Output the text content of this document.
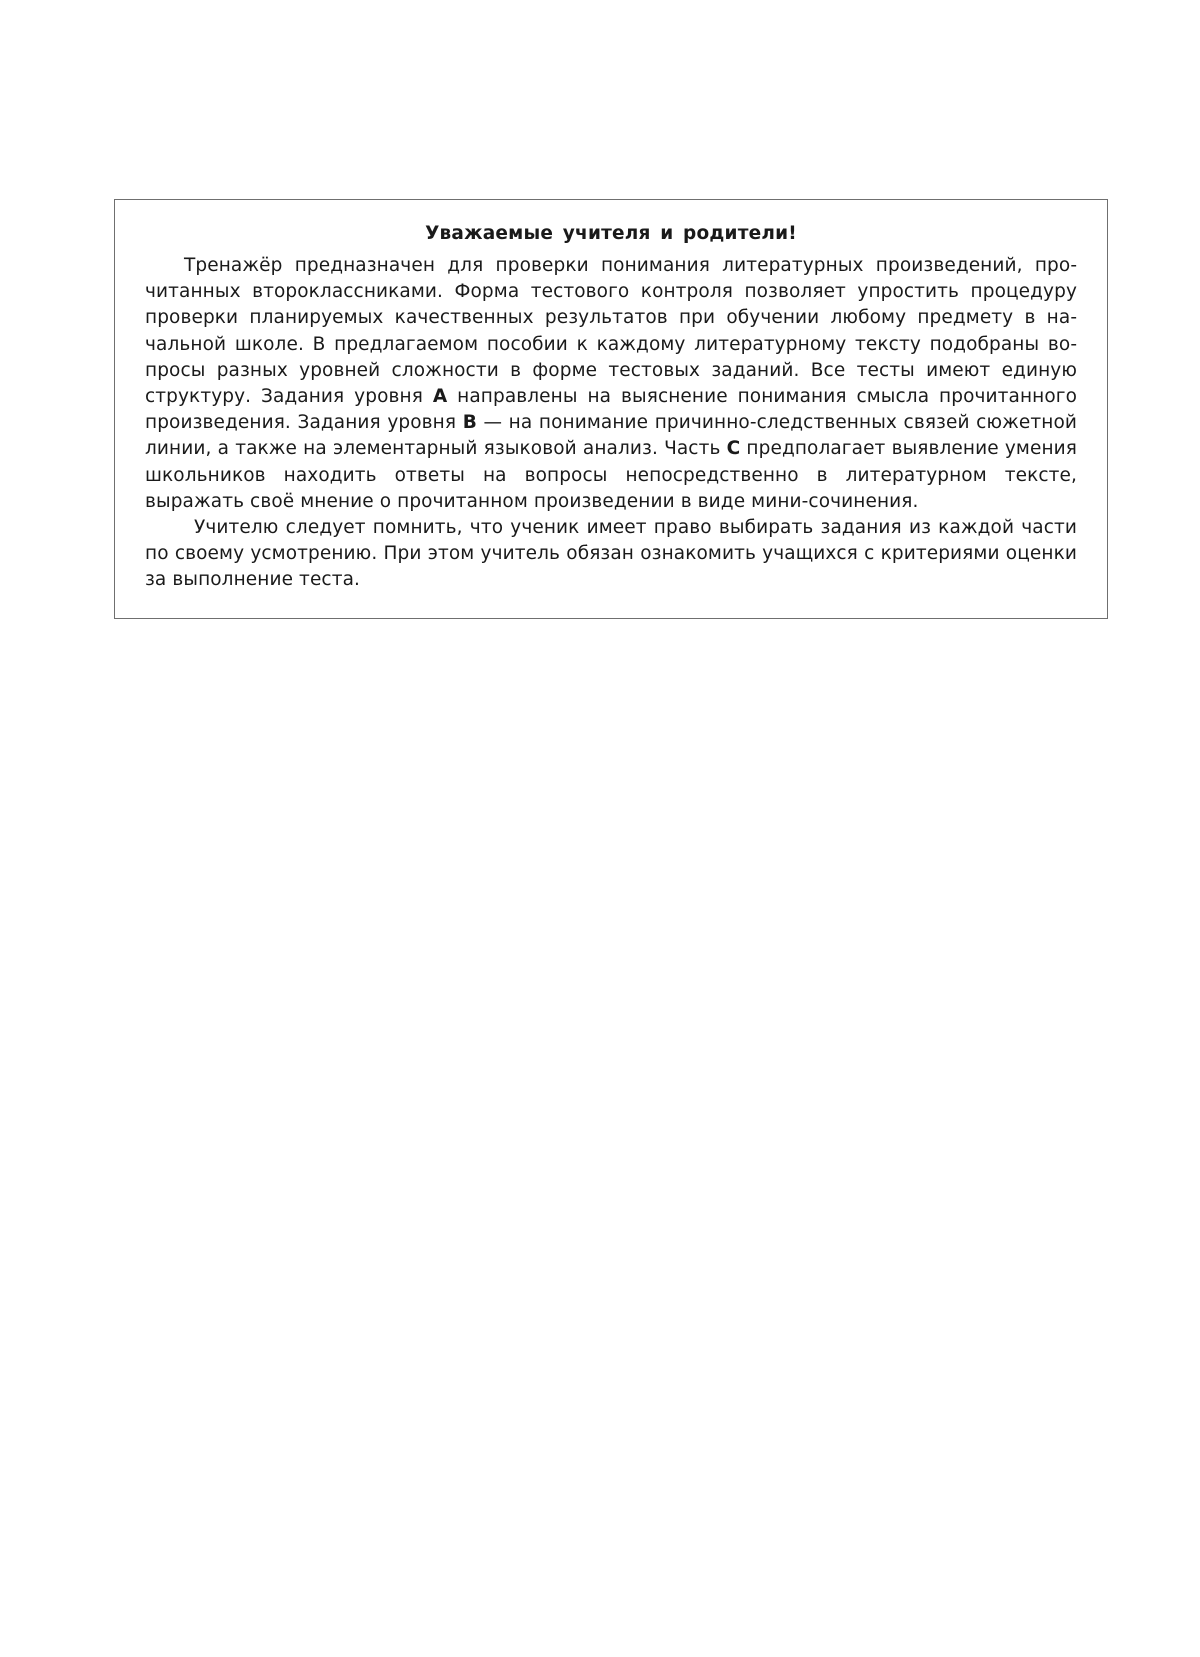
Уважаемые учителя и родители!

Тренажёр предназначен для проверки понимания литературных произведений, прочитанных второклассниками. Форма тестового контроля позволяет упростить процедуру проверки планируемых качественных результатов при обучении любому предмету в начальной школе. В предлагаемом пособии к каждому литературному тексту подобраны вопросы разных уровней сложности в форме тестовых заданий. Все тесты имеют единую структуру. Задания уровня А направлены на выяснение понимания смысла прочитанного произведения. Задания уровня В — на понимание причинно-следственных связей сюжетной линии, а также на элементарный языковой анализ. Часть С предполагает выявление умения школьников находить ответы на вопросы непосредственно в литературном тексте, выражать своё мнение о прочитанном произведении в виде мини-сочинения.

Учителю следует помнить, что ученик имеет право выбирать задания из каждой части по своему усмотрению. При этом учитель обязан ознакомить учащихся с критериями оценки за выполнение теста.
